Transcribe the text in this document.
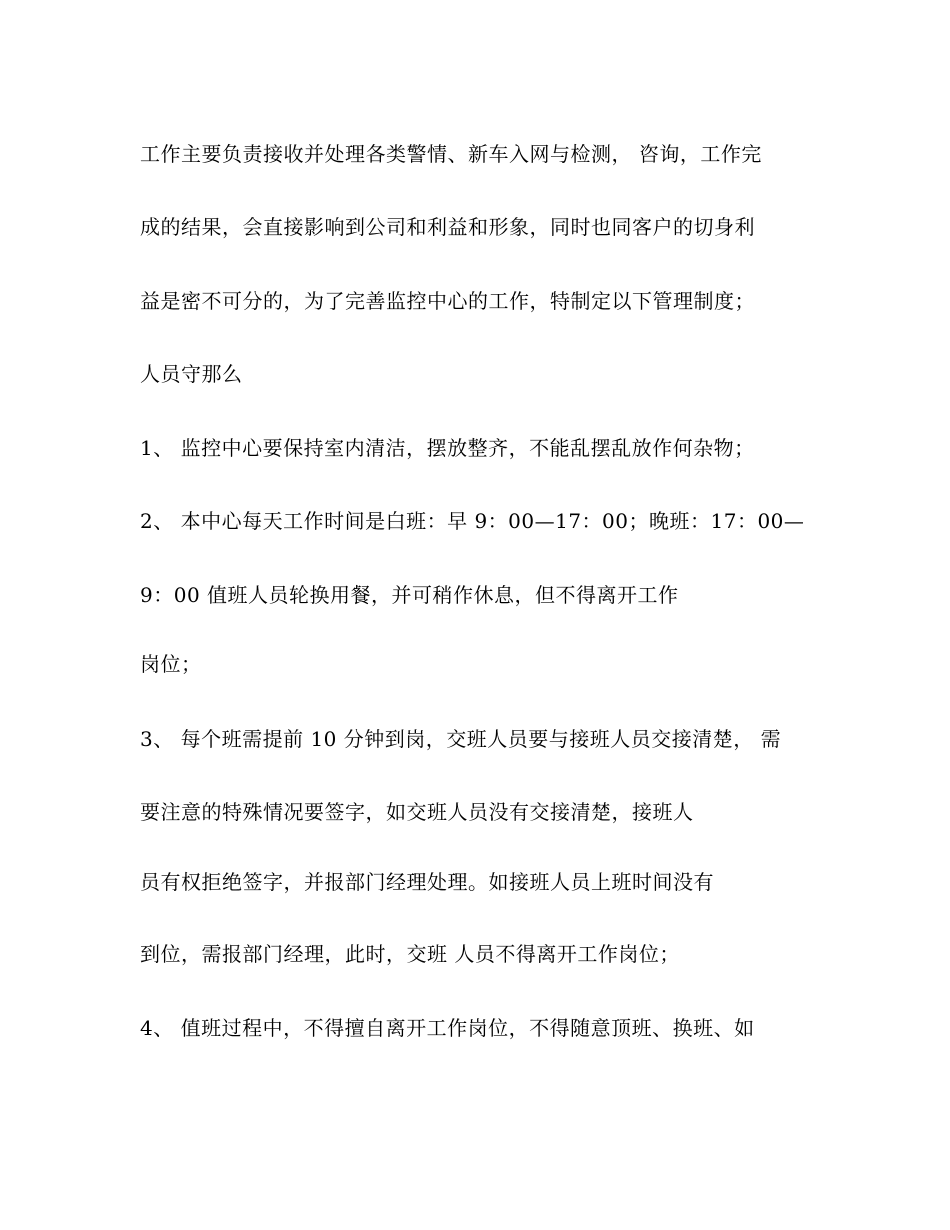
工作主要负责接收并处理各类警情、新车入网与检测， 咨询，工作完
成的结果，会直接影响到公司和利益和形象，同时也同客户的切身利
益是密不可分的，为了完善监控中心的工作，特制定以下管理制度；
人员守那么
1、 监控中心要保持室内清洁，摆放整齐，不能乱摆乱放作何杂物；
2、 本中心每天工作时间是白班：早 9：00—17：00；晚班：17：00—
9：00 值班人员轮换用餐，并可稍作休息，但不得离开工作
岗位；
3、 每个班需提前 10 分钟到岗，交班人员要与接班人员交接清楚， 需
要注意的特殊情况要签字，如交班人员没有交接清楚，接班人
员有权拒绝签字，并报部门经理处理。如接班人员上班时间没有
到位，需报部门经理，此时，交班 人员不得离开工作岗位；
4、 值班过程中，不得擅自离开工作岗位，不得随意顶班、换班、如
